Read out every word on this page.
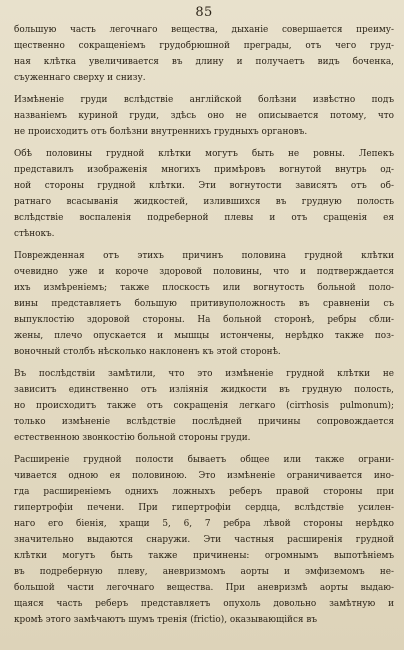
85
большую часть легочнаго вещества, дыханіе совершается преиму-
щественно сокращеніемъ грудобрюшной преграды, отъ чего груд-
ная клѣтка увеличивается въ длину и получаетъ видъ боченка,
съуженнаго сверху и снизу.
Измѣненіе груди вслѣдствіе англійской болѣзни извѣстно подъ
названіемъ куриной груди, здѣсь оно не описывается потому, что
не происходитъ отъ болѣзни внутреннихъ грудныхъ органовъ.
Обѣ половины грудной клѣтки могутъ быть не ровны. Лепекъ
представилъ изображенія многихъ примѣровъ вогнутой внутрь од-
ной стороны грудной клѣтки. Эти вогнутости зависятъ отъ об-
ратнаго всасыванія жидкостей, излившихся въ грудную полость
вслѣдствіе воспаленія подреберной плевы и отъ сращенія ея
стѣнокъ.
Поврежденная отъ этихъ причинъ половина грудной клѣтки
очевидно уже и короче здоровой половины, что и подтверждается
ихъ измѣреніемъ; также плоскость или вогнутость больной поло-
вины представляетъ большую притивуположность въ сравненіи съ
выпуклостію здоровой стороны. На больной сторонѣ, ребры сбли-
жены, плечо опускается и мышцы истончены, нерѣдко также поз-
воночный столбъ нѣсколько наклоненъ къ этой сторонѣ.
Въ послѣдствіи замѣтили, что это измѣненіе грудной клѣтки не
зависитъ единственно отъ изліянія жидкости въ грудную полость,
но происходитъ также отъ сокращенія легкаго (cirrhosis pulmonum);
только измѣненіе вслѣдствіе послѣдней причины сопровождается
естественною звонкостію больной стороны груди.
Расширеніе грудной полости бываетъ общее или также ограни-
чивается одною ея половиною. Это измѣненіе ограничивается ино-
гда расширеніемъ однихъ ложныхъ реберъ правой стороны при
гипертрофіи печени. При гипертрофіи сердца, вслѣдствіе усилен-
наго его біенія, хращи 5, 6, 7 ребра лѣвой стороны нерѣдко
значительно выдаются снаружи. Эти частныя расширенія грудной
клѣтки могутъ быть также причинены: огромнымъ выпотѣніемъ
въ подреберную плеву, аневризмомъ аорты и эмфиземомъ не-
большой части легочнаго вещества. При аневризмѣ аорты выдаю-
щаяся часть реберъ представляетъ опухоль довольно замѣтную и
кромѣ этого замѣчаютъ шумъ тренія (frictio), оказывающійся въ
